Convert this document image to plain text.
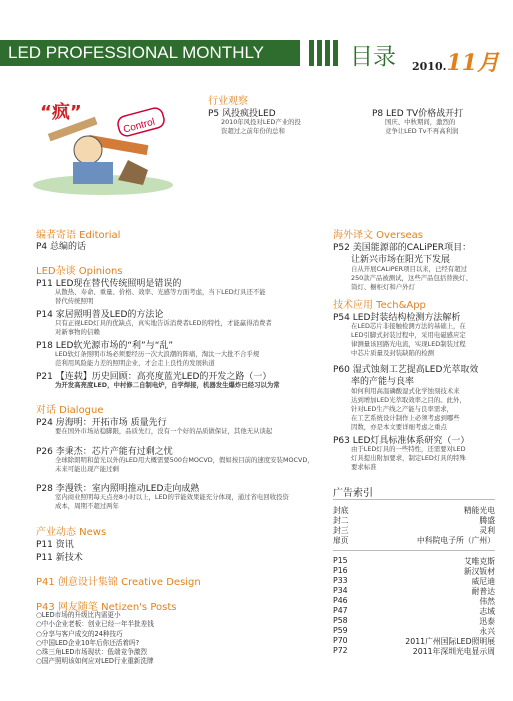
LED PROFESSIONAL MONTHLY	目录 2010.11月
Control
“疯”
行业观察
P5 风投疯投LED
2010年风投对LED产业的投
资超过之前年份的总和
P8 LED TV价格战开打
国庆、中秋期间，激烈的
竞争让LED Tv不再高利润
编者寄语 Editorial
P4 总编的话
LED杂谈 Opinions
P11 LED现在替代传统照明是错误的
从散热、寿命、重量、价格、效率、光感等方面考虑，当下LED灯具还不能
替代传统照明
P14 家居照明普及LED的方法论
只有正视LED灯具的优缺点，真实地告诉消费者LED的特性，才能赢得消费者
对新事物的信赖
P18 LED软光源市场的“利”与“乱”
LED软灯条照明市场必须要经历一次大浪潮的阵痛，淘汰一大批不合乎规
范利用风险能力差的照明企业，才会走上良性的发展轨道
P21 【连载】历史回顾：高亮度蓝光LED的开发之路（一）
为开发高亮度LED，中村修二自制电炉，自学焊接，机器发生爆炸已经习以为常
对话 Dialogue
P24 房海明：开拓市场 质量先行
要在国外市场站稳脚跟，品质先行，没有一个好的品质做保证，其他无从谈起
P26 李秉杰：芯片产能有过剩之忧
全球除朗明和萤光以外的LED用大概需要500台MOCVD，假如按目前的速度安装MOCVD，
未来可能出现产能过剩
P28 李漫铁：室内照明推动LED走向成熟
室内商业照明每天点亮8小时以上，LED的节能效果能充分体现，通过省电回收投资
成本，周期不超过两年
产业动态 News
P11 资讯
P11 新技术
P41 创意设计集锦 Creative Design
P43 网友随笔 Netizen's Posts
○LED市场的升级比内需更小
○中小企业老板：创业已经一年半批差钱
○分享与客户成交的24种技巧
○中国LED企业10年后你还活着吗?
○珠三角LED市场现状：低端竞争激烈
○国产照明该如何应对LED行业重新洗牌
海外译文 Overseas
P52 美国能源部的CALiPER项目：
让新兴市场在阳光下发展
自从开展CALiPER项目以来，已经有超过
250款产品被测试，这些产品包括替换灯、
筒灯、橱柜灯和户外灯
技术应用 Tech&App
P54 LED封装结构检测方法解析
在LED芯片非接触检测方法的基础上，在
LED引脚式封装过程中，采用电磁感应定
律测量该回路光电流，实现LED制装过程
中芯片质量及封装缺陷的检测
P60 湿式蚀刻工艺提高LED光萃取效
率的产能与良率
如何利用高温磷酸湿式化学蚀刻技术来
达到增加LED光萃取效率之目的。此外，
针对LED生产线之产能与良率需求，
在工艺系统设计制作上必须考虑到哪些
因数，亦是本文要详细考虑之重点
P63 LED灯具标准体系研究（一）
由于LED灯具的一些特性，还需要对LED
灯具提出附加要求，制定LED灯具的特殊
要求标准
广告索引
封底	精能光电
封二	腾盛
封三	灵利
扉页	中科院电子所（广州）
P15	艾唯克斯
P16	新汉钣材
P33	威尼迪
P34	耐普达
P46	伟然
P47	志域
P58	迅泰
P59	永兴
P70	2011广州国际LED照明展
P72	2011年深圳光电显示周
